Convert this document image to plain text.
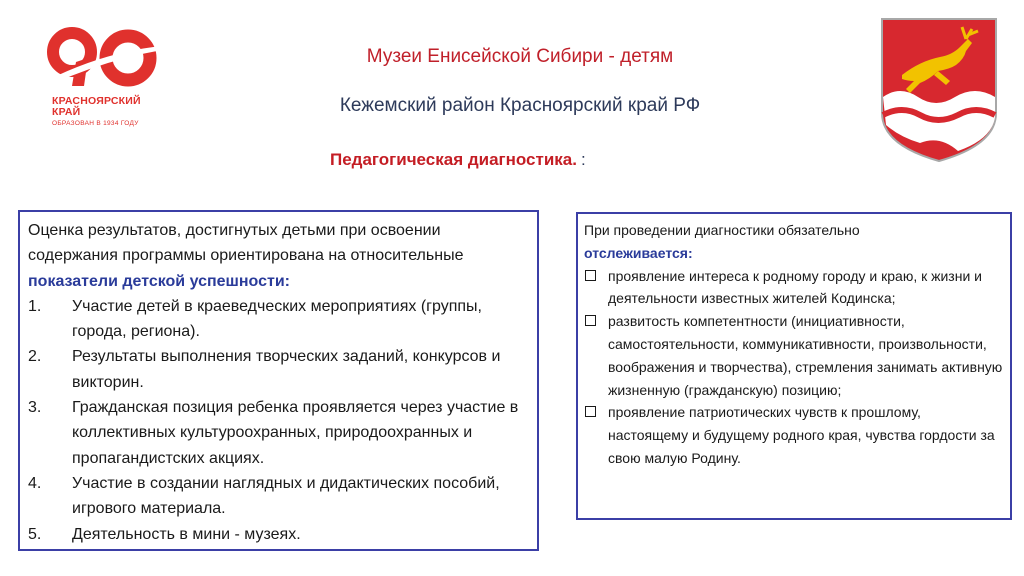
КРАСНОЯРСКИЙ
КРАЙ
ОБРАЗОВАН В 1934 ГОДУ
Музеи Енисейской Сибири - детям
Кежемский район Красноярский край РФ
Педагогическая диагностика. :

Оценка результатов, достигнутых детьми при освоении содержания программы ориентирована на относительные показатели детской успешности:

1. Участие детей в краеведческих мероприятиях (группы, города, региона).
2. Результаты выполнения творческих заданий, конкурсов и викторин.
3. Гражданская позиция ребенка проявляется через участие в коллективных культуроохранных, природоохранных и пропагандистских акциях.
4. Участие в создании наглядных и дидактических пособий, игрового материала.
5. Деятельность в мини - музеях.

При проведении диагностики обязательно
отслеживается:

проявление интереса к родному городу и краю, к жизни и деятельности известных жителей Кодинска;
развитость компетентности (инициативности, самостоятельности, коммуникативности, произвольности, воображения и творчества), стремления занимать активную жизненную (гражданскую) позицию;
проявление патриотических чувств к прошлому, настоящему и будущему родного края, чувства гордости за свою малую Родину.
